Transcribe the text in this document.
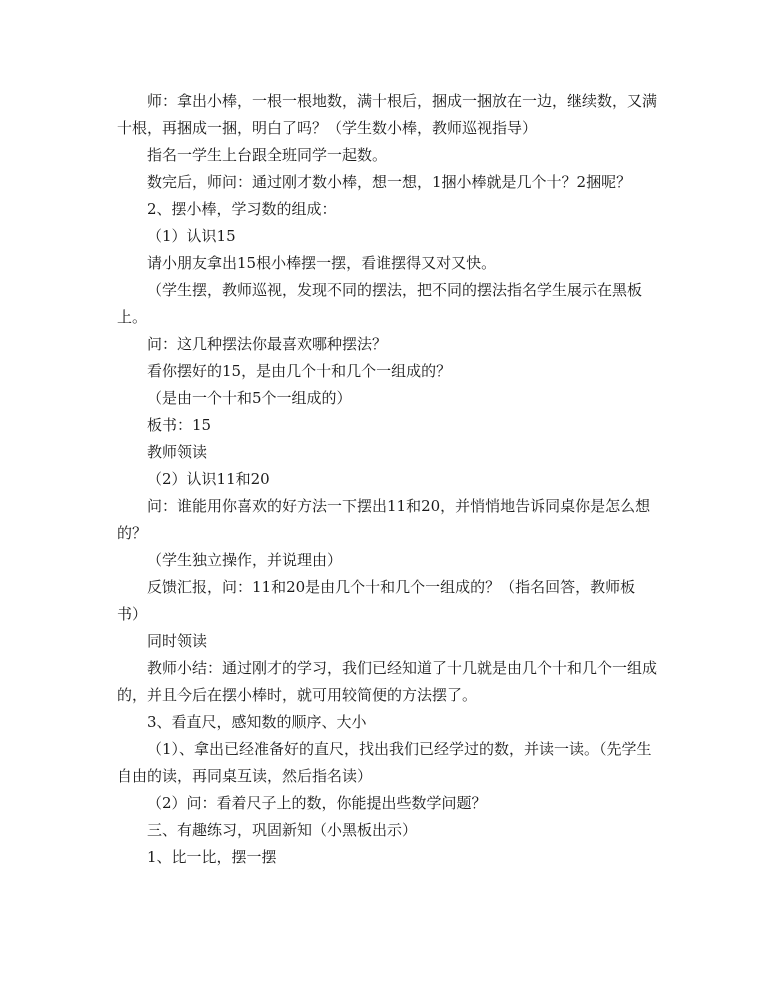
师：拿出小棒，一根一根地数，满十根后，捆成一捆放在一边，继续数，又满十根，再捆成一捆，明白了吗？（学生数小棒，教师巡视指导）

指名一学生上台跟全班同学一起数。

数完后，师问：通过刚才数小棒，想一想，1捆小棒就是几个十？2捆呢？

2、摆小棒，学习数的组成：

（1）认识15

请小朋友拿出15根小棒摆一摆，看谁摆得又对又快。

（学生摆，教师巡视，发现不同的摆法，把不同的摆法指名学生展示在黑板上。

问：这几种摆法你最喜欢哪种摆法？

看你摆好的15，是由几个十和几个一组成的？

（是由一个十和5个一组成的）

板书：15

教师领读

（2）认识11和20

问：谁能用你喜欢的好方法一下摆出11和20，并悄悄地告诉同桌你是怎么想的？

（学生独立操作，并说理由）

反馈汇报，问：11和20是由几个十和几个一组成的？（指名回答，教师板书）

同时领读

教师小结：通过刚才的学习，我们已经知道了十几就是由几个十和几个一组成的，并且今后在摆小棒时，就可用较简便的方法摆了。

3、看直尺，感知数的顺序、大小

（1）、拿出已经准备好的直尺，找出我们已经学过的数，并读一读。（先学生自由的读，再同桌互读，然后指名读）

（2）问：看着尺子上的数，你能提出些数学问题？

三、有趣练习，巩固新知（小黑板出示）

1、比一比，摆一摆
